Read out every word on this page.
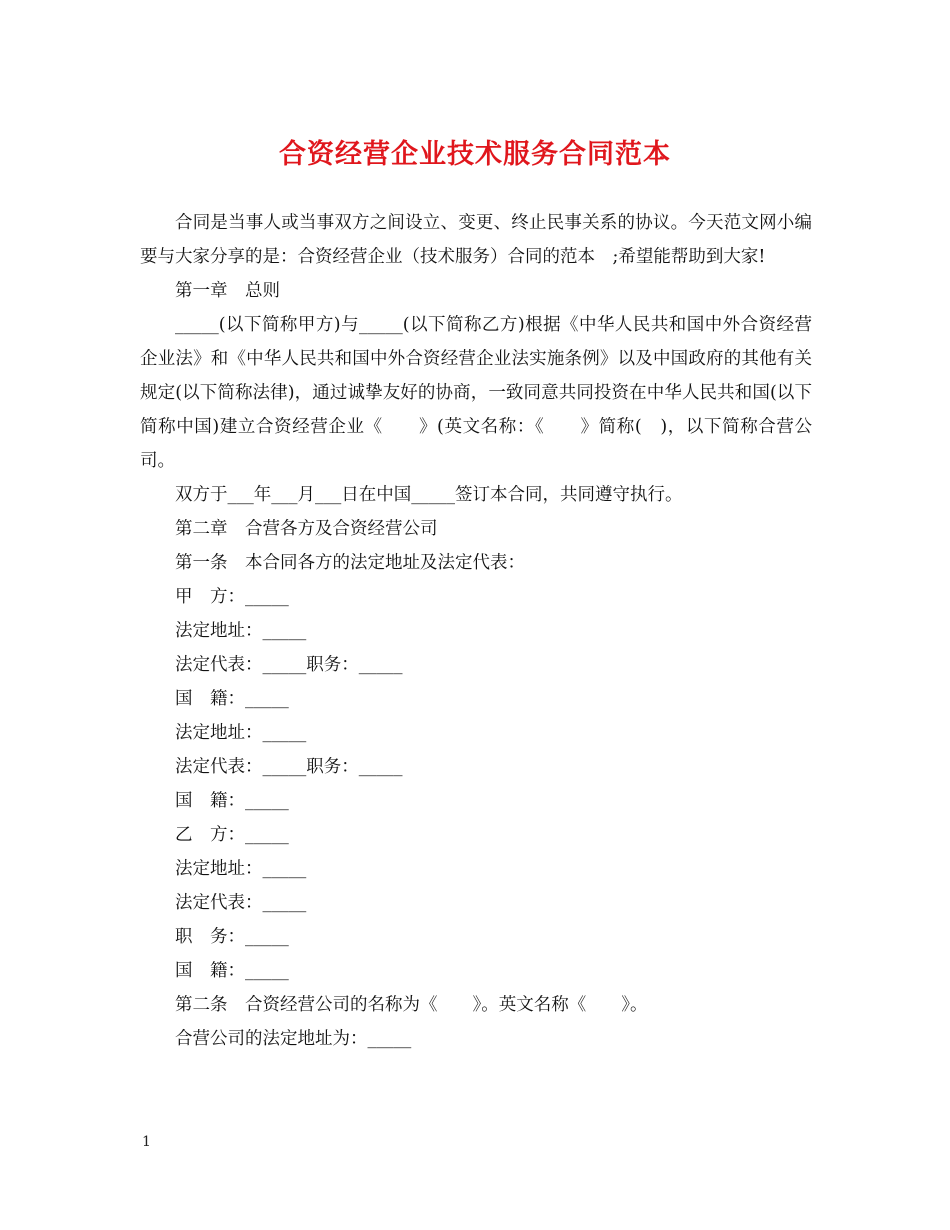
合资经营企业技术服务合同范本

合同是当事人或当事双方之间设立、变更、终止民事关系的协议。今天范文网小编要与大家分享的是：合资经营企业（技术服务）合同的范本　;希望能帮助到大家!

第一章　总则

_____(以下简称甲方)与_____(以下简称乙方)根据《中华人民共和国中外合资经营企业法》和《中华人民共和国中外合资经营企业法实施条例》以及中国政府的其他有关规定(以下简称法律)，通过诚挚友好的协商，一致同意共同投资在中华人民共和国(以下简称中国)建立合资经营企业《　　》(英文名称：《　　》简称(　)，以下简称合营公司。

双方于___年___月___日在中国_____签订本合同，共同遵守执行。

第二章　合营各方及合资经营公司

第一条　本合同各方的法定地址及法定代表：

甲　方：_____

法定地址：_____

法定代表：_____职务：_____

国　籍：_____

法定地址：_____

法定代表：_____职务：_____

国　籍：_____

乙　方：_____

法定地址：_____

法定代表：_____

职　务：_____

国　籍：_____

第二条　合资经营公司的名称为《　　》。英文名称《　　》。

合营公司的法定地址为：_____

1
